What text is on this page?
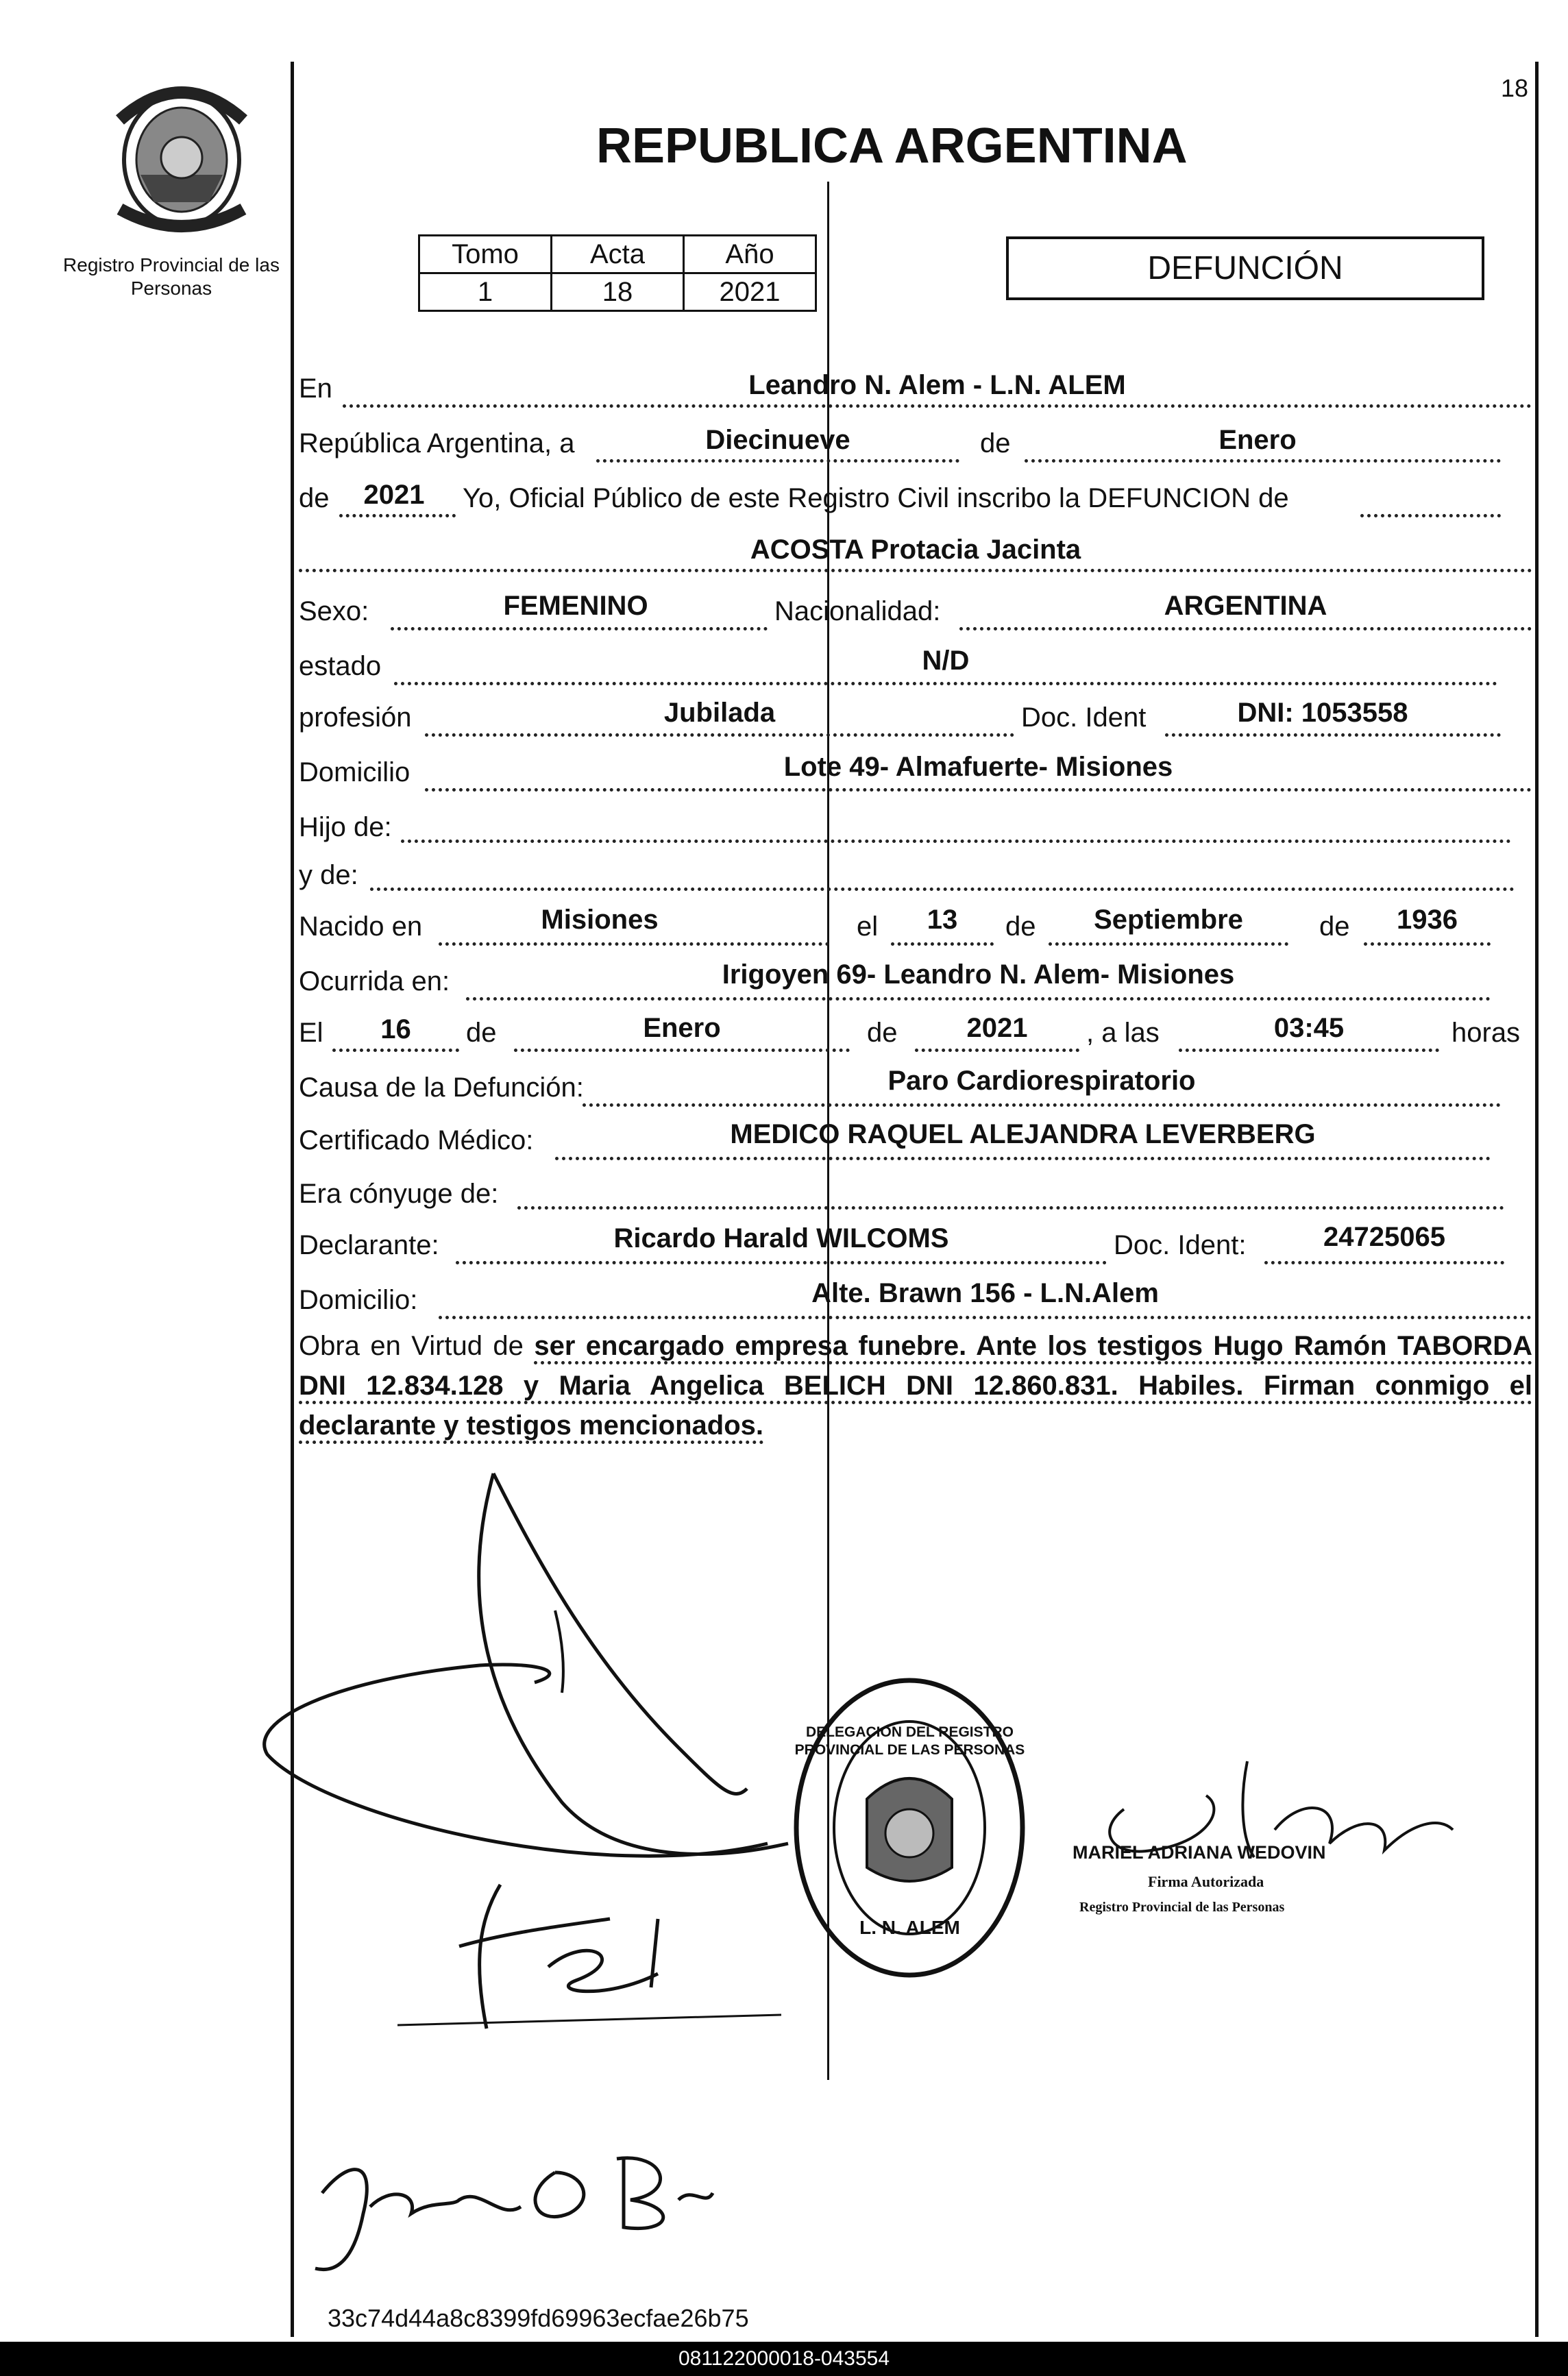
Registro Provincial de las Personas
18
REPUBLICA ARGENTINA
Tomo	Acta	Año
1	18	2021
DEFUNCIÓN
En	Leandro N. Alem - L.N. ALEM
República Argentina, a	Diecinueve	de	Enero
de	2021	Yo, Oficial Público de este Registro Civil inscribo la DEFUNCION de
ACOSTA Protacia Jacinta
Sexo:	FEMENINO	Nacionalidad:	ARGENTINA
estado	N/D
profesión	Jubilada	Doc. Ident	DNI: 1053558
Domicilio	Lote 49- Almafuerte- Misiones
Hijo de:
y de:
Nacido en	Misiones	el	13	de	Septiembre	de	1936
Ocurrida en:	Irigoyen 69- Leandro N. Alem- Misiones
El	16	de	Enero	de	2021	, a las	03:45	horas
Causa de la Defunción:	Paro Cardiorespiratorio
Certificado Médico:	MEDICO RAQUEL ALEJANDRA LEVERBERG
Era cónyuge de:
Declarante:	Ricardo Harald WILCOMS	Doc. Ident:	24725065
Domicilio:	Alte. Brawn 156 - L.N.Alem
Obra en Virtud de ser encargado empresa funebre. Ante los testigos Hugo Ramón TABORDA DNI 12.834.128 y Maria Angelica BELICH DNI 12.860.831. Habiles. Firman conmigo el declarante y testigos mencionados.
DELEGACION DEL REGISTRO PROVINCIAL DE LAS PERSONAS
L. N. ALEM
MARIEL ADRIANA WEDOVIN
Firma Autorizada
Registro Provincial de las Personas
33c74d44a8c8399fd69963ecfae26b75
081122000018-043554
